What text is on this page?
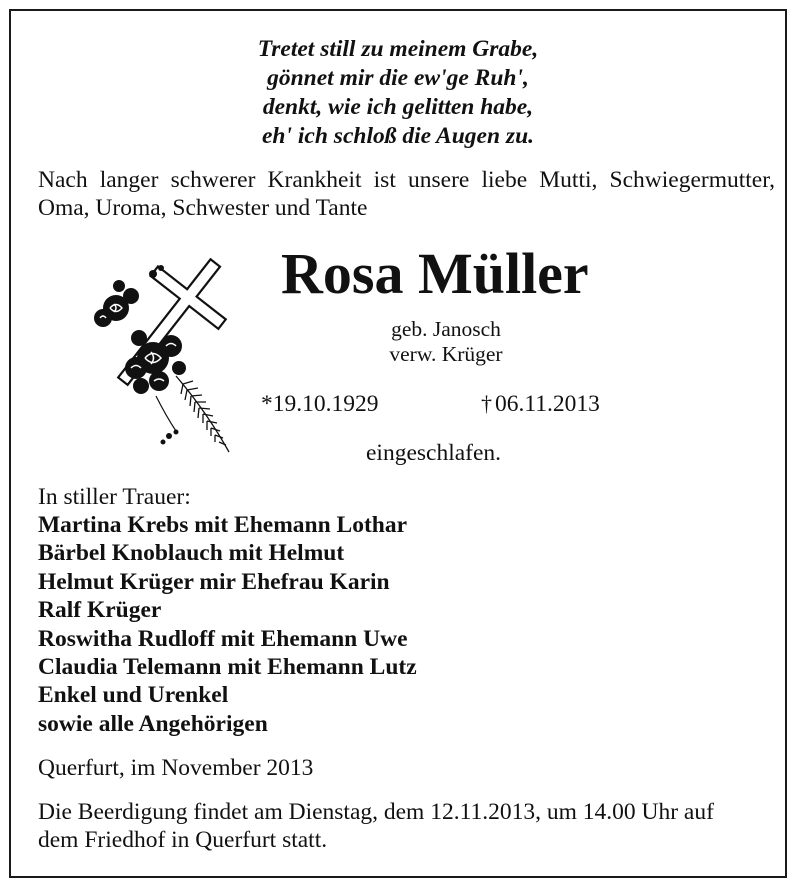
Tretet still zu meinem Grabe,
gönnet mir die ew'ge Ruh',
denkt, wie ich gelitten habe,
eh' ich schloß die Augen zu.
Nach langer schwerer Krankheit ist unsere liebe Mutti, Schwiegermutter, Oma, Uroma, Schwester und Tante
Rosa Müller
geb. Janosch
verw. Krüger
*19.10.1929	† 06.11.2013
eingeschlafen.
In stiller Trauer:
Martina Krebs mit Ehemann Lothar
Bärbel Knoblauch mit Helmut
Helmut Krüger mir Ehefrau Karin
Ralf Krüger
Roswitha Rudloff mit Ehemann Uwe
Claudia Telemann mit Ehemann Lutz
Enkel und Urenkel
sowie alle Angehörigen
Querfurt, im November 2013
Die Beerdigung findet am Dienstag, dem 12.11.2013, um 14.00 Uhr auf dem Friedhof in Querfurt statt.
